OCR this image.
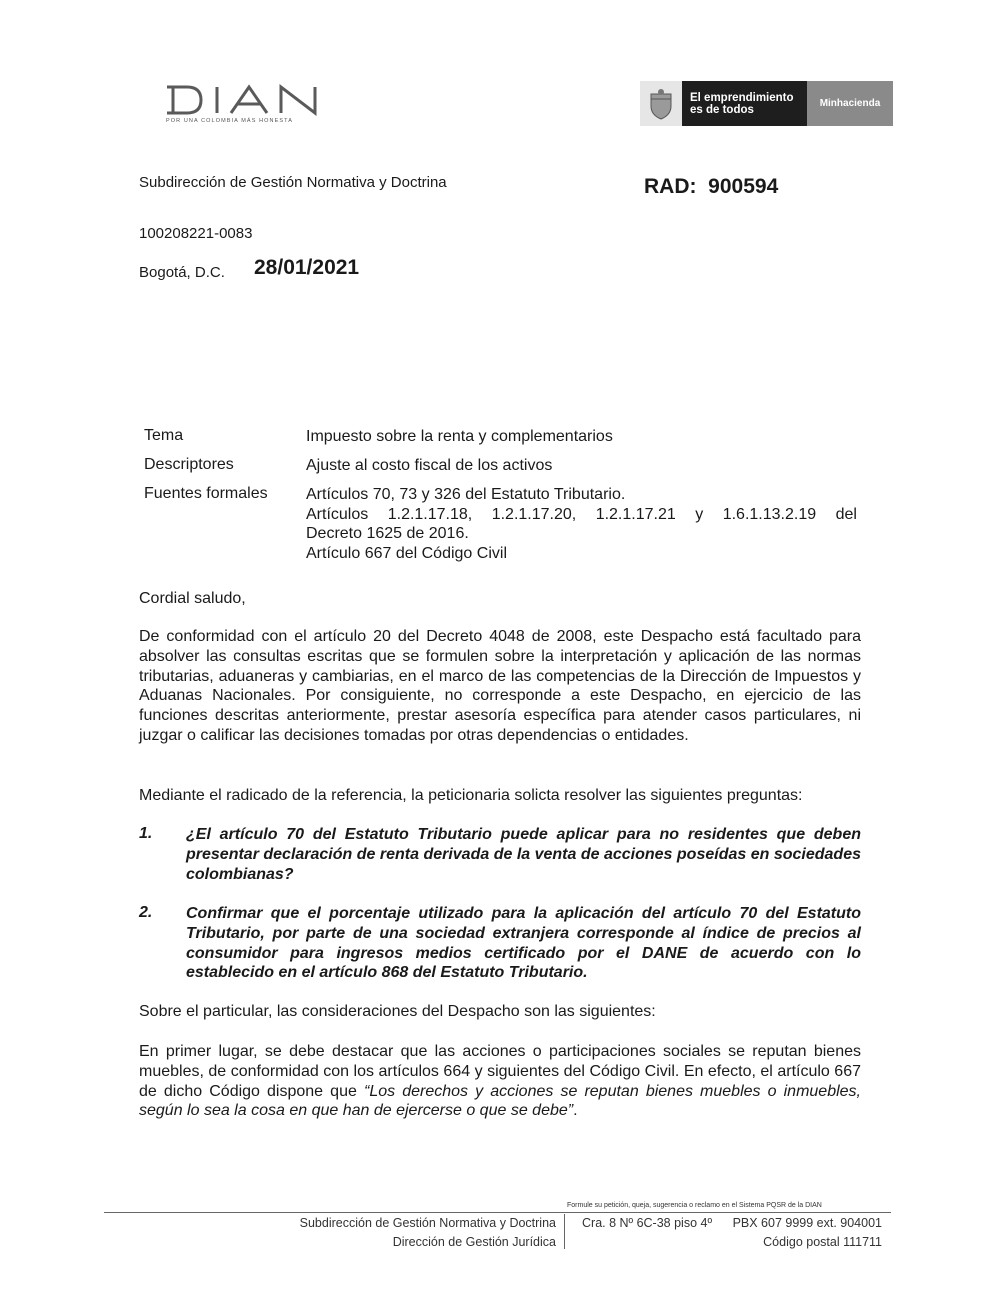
POR UNA COLOMBIA MÁS HONESTA
El emprendimiento
es de todos	Minhacienda
Subdirección de Gestión Normativa y Doctrina	RAD: 900594
100208221-0083
Bogotá, D.C. 28/01/2021
Tema	Impuesto sobre la renta y complementarios
Descriptores	Ajuste al costo fiscal de los activos
Fuentes formales Artículos 70, 73 y 326 del Estatuto Tributario.
Artículos 1.2.1.17.18, 1.2.1.17.20, 1.2.1.17.21 y 1.6.1.13.2.19 del
Decreto 1625 de 2016.
Artículo 667 del Código Civil
Cordial saludo,
De conformidad con el artículo 20 del Decreto 4048 de 2008, este Despacho está facultado para absolver las consultas escritas que se formulen sobre la interpretación y aplicación de las normas tributarias, aduaneras y cambiarias, en el marco de las competencias de la Dirección de Impuestos y Aduanas Nacionales. Por consiguiente, no corresponde a este Despacho, en ejercicio de las funciones descritas anteriormente, prestar asesoría específica para atender casos particulares, ni juzgar o calificar las decisiones tomadas por otras dependencias o entidades.
Mediante el radicado de la referencia, la peticionaria solicta resolver las siguientes preguntas:
1. ¿El artículo 70 del Estatuto Tributario puede aplicar para no residentes que deben presentar declaración de renta derivada de la venta de acciones poseídas en sociedades colombianas?
2. Confirmar que el porcentaje utilizado para la aplicación del artículo 70 del Estatuto Tributario, por parte de una sociedad extranjera corresponde al índice de precios al consumidor para ingresos medios certificado por el DANE de acuerdo con lo establecido en el artículo 868 del Estatuto Tributario.
Sobre el particular, las consideraciones del Despacho son las siguientes:
En primer lugar, se debe destacar que las acciones o participaciones sociales se reputan bienes muebles, de conformidad con los artículos 664 y siguientes del Código Civil. En efecto, el artículo 667 de dicho Código dispone que “Los derechos y acciones se reputan bienes muebles o inmuebles, según lo sea la cosa en que han de ejercerse o que se debe”.
Formule su petición, queja, sugerencia o reclamo en el Sistema PQSR de la DIAN
Subdirección de Gestión Normativa y Doctrina
Dirección de Gestión Jurídica
Cra. 8 Nº 6C-38 piso 4º PBX 607 9999 ext. 904001
Código postal 111711
